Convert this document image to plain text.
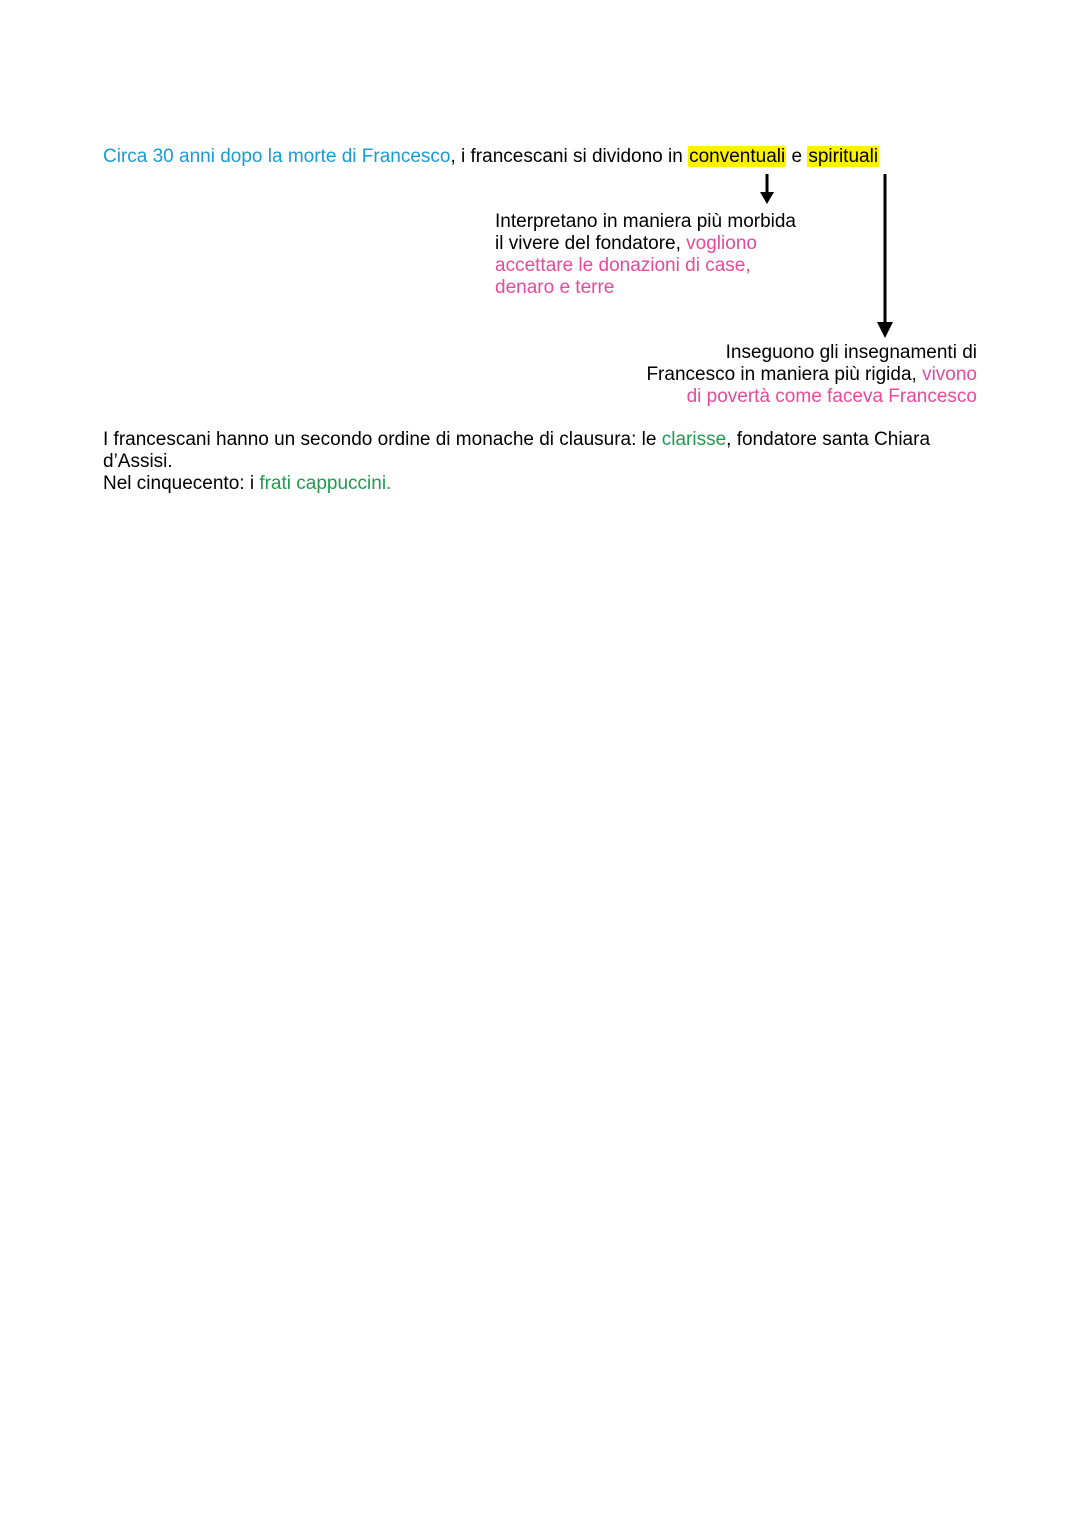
Circa 30 anni dopo la morte di Francesco, i francescani si dividono in conventuali e spirituali
Interpretano in maniera più morbida
il vivere del fondatore, vogliono
accettare le donazioni di case,
denaro e terre
Inseguono gli insegnamenti di
Francesco in maniera più rigida, vivono
di povertà come faceva Francesco
I francescani hanno un secondo ordine di monache di clausura: le clarisse, fondatore santa Chiara
d’Assisi.
Nel cinquecento: i frati cappuccini.
